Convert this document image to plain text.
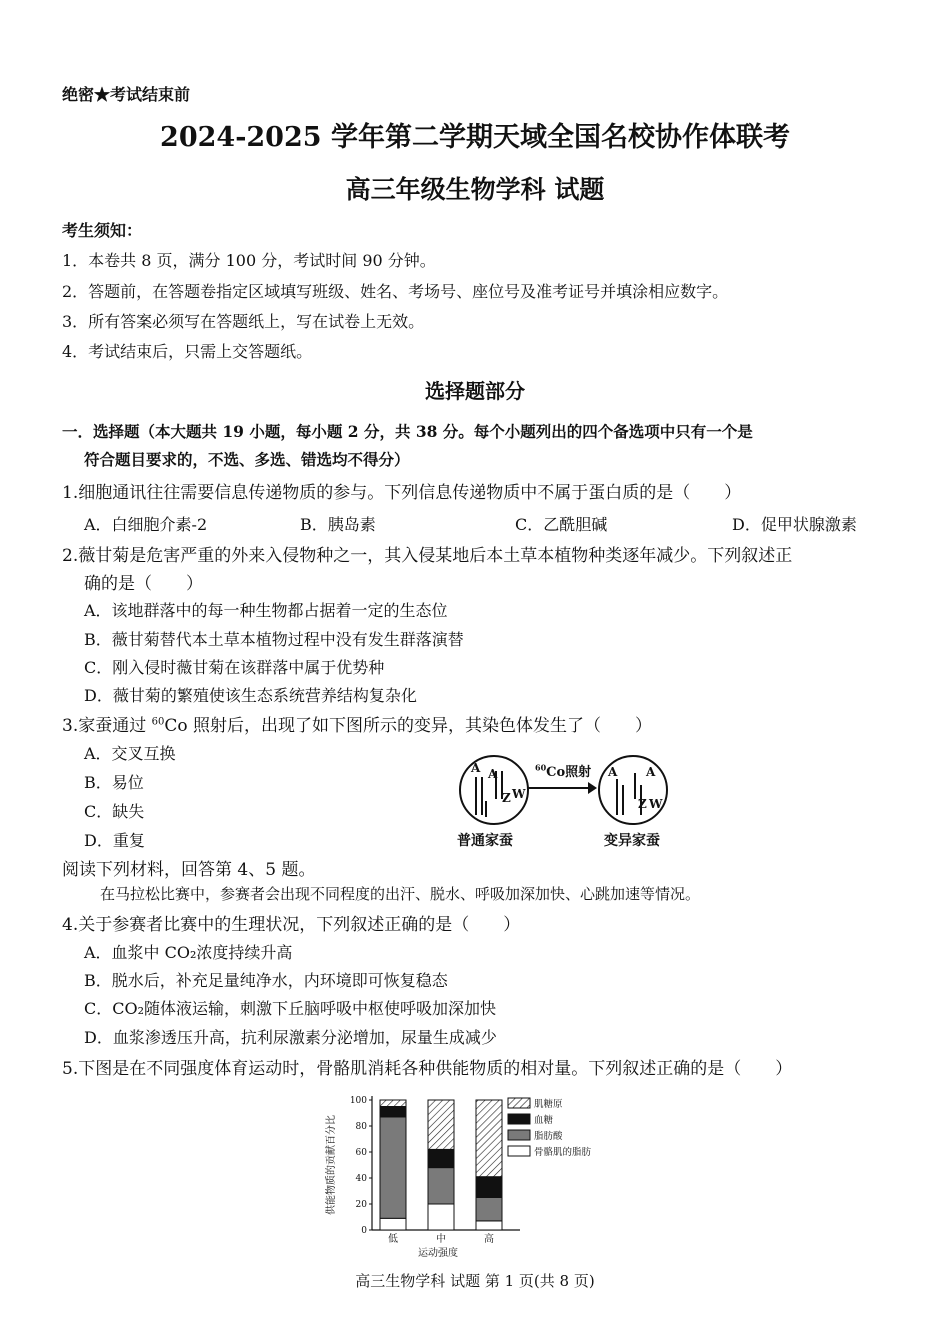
绝密★考试结束前
2024-2025 学年第二学期天域全国名校协作体联考
高三年级生物学科 试题
考生须知：
1．本卷共 8 页，满分 100 分，考试时间 90 分钟。
2．答题前，在答题卷指定区域填写班级、姓名、考场号、座位号及准考证号并填涂相应数字。
3．所有答案必须写在答题纸上，写在试卷上无效。
4．考试结束后，只需上交答题纸。
选择题部分
一．选择题（本大题共 19 小题，每小题 2 分，共 38 分。每个小题列出的四个备选项中只有一个是
符合题目要求的，不选、多选、错选均不得分）
1.细胞通讯往往需要信息传递物质的参与。下列信息传递物质中不属于蛋白质的是（　　）
A．白细胞介素-2	B．胰岛素	C．乙酰胆碱	D．促甲状腺激素
2.薇甘菊是危害严重的外来入侵物种之一，其入侵某地后本土草本植物种类逐年减少。下列叙述正
确的是（　　）
A．该地群落中的每一种生物都占据着一定的生态位
B．薇甘菊替代本土草本植物过程中没有发生群落演替
C．刚入侵时薇甘菊在该群落中属于优势种
D．薇甘菊的繁殖使该生态系统营养结构复杂化
3.家蚕通过 $^{60}$Co 照射后，出现了如下图所示的变异，其染色体发生了（　　）
A．交叉互换
B．易位
C．缺失
D．重复
A A
Z W
$^{60}$Co照射 A A
Z W
普通家蚕	变异家蚕
阅读下列材料，回答第 4、5 题。
在马拉松比赛中，参赛者会出现不同程度的出汗、脱水、呼吸加深加快、心跳加速等情况。
4.关于参赛者比赛中的生理状况，下列叙述正确的是（　　）
A．血浆中 CO₂浓度持续升高
B．脱水后，补充足量纯净水，内环境即可恢复稳态
C．CO₂随体液运输，刺激下丘脑呼吸中枢使呼吸加深加快
D．血浆渗透压升高，抗利尿激素分泌增加，尿量生成减少
5.下图是在不同强度体育运动时，骨骼肌消耗各种供能物质的相对量。下列叙述正确的是（　　）
0
20
40
60
80
100
供能物质的贡献百分比
运动强度
低	中	高
肌糖原
血糖
脂肪酸
骨骼肌的脂肪
高三生物学科 试题 第 1 页(共 8 页)
